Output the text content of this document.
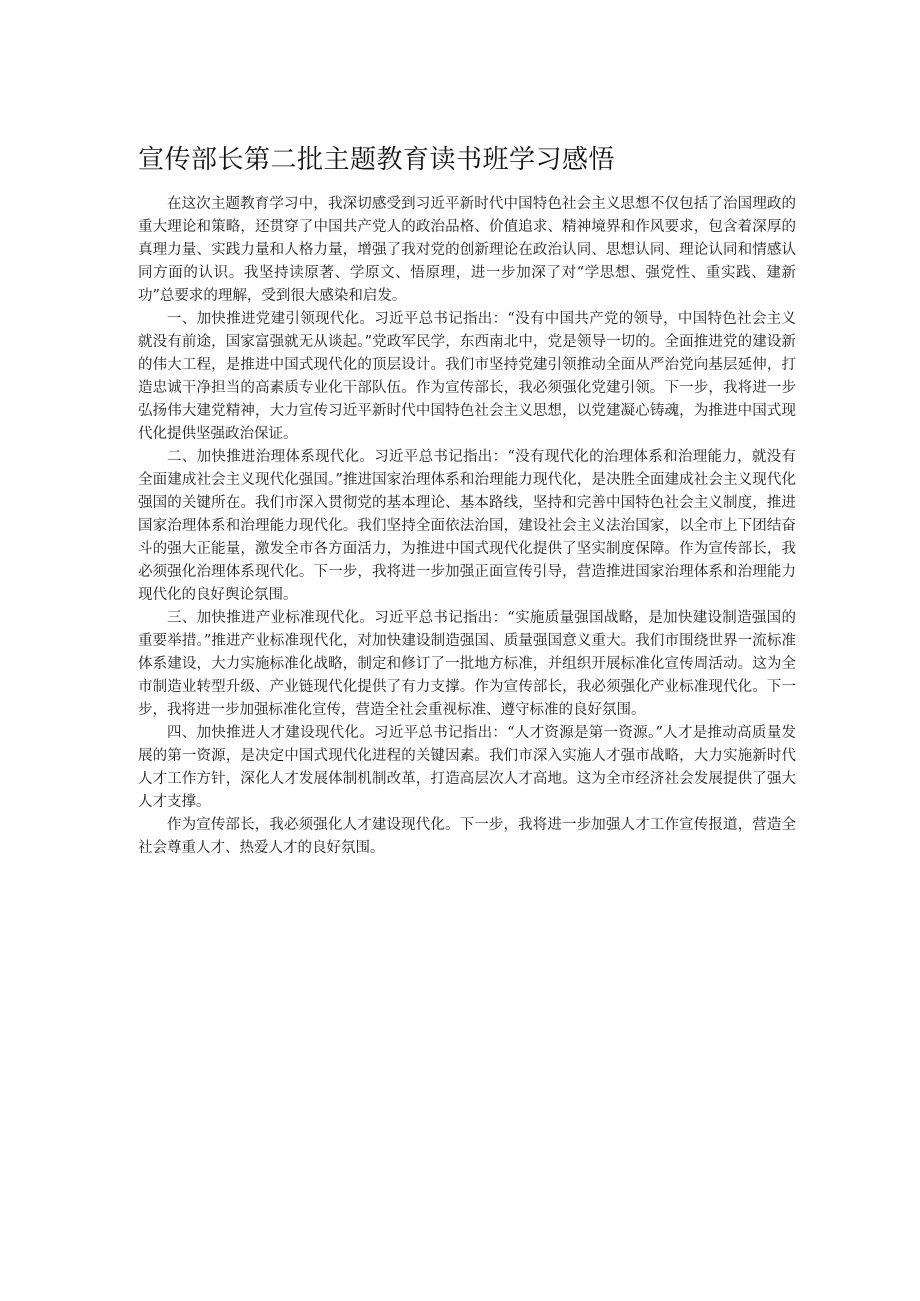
宣传部长第二批主题教育读书班学习感悟

在这次主题教育学习中，我深切感受到习近平新时代中国特色社会主义思想不仅包括了治国理政的重大理论和策略，还贯穿了中国共产党人的政治品格、价值追求、精神境界和作风要求，包含着深厚的真理力量、实践力量和人格力量，增强了我对党的创新理论在政治认同、思想认同、理论认同和情感认同方面的认识。我坚持读原著、学原文、悟原理，进一步加深了对“学思想、强党性、重实践、建新功”总要求的理解，受到很大感染和启发。

一、加快推进党建引领现代化。习近平总书记指出：“没有中国共产党的领导，中国特色社会主义就没有前途，国家富强就无从谈起。”党政军民学，东西南北中，党是领导一切的。全面推进党的建设新的伟大工程，是推进中国式现代化的顶层设计。我们市坚持党建引领推动全面从严治党向基层延伸，打造忠诚干净担当的高素质专业化干部队伍。作为宣传部长，我必须强化党建引领。下一步，我将进一步弘扬伟大建党精神，大力宣传习近平新时代中国特色社会主义思想，以党建凝心铸魂，为推进中国式现代化提供坚强政治保证。

二、加快推进治理体系现代化。习近平总书记指出：“没有现代化的治理体系和治理能力，就没有全面建成社会主义现代化强国。”推进国家治理体系和治理能力现代化，是决胜全面建成社会主义现代化强国的关键所在。我们市深入贯彻党的基本理论、基本路线，坚持和完善中国特色社会主义制度，推进国家治理体系和治理能力现代化。我们坚持全面依法治国，建设社会主义法治国家，以全市上下团结奋斗的强大正能量，激发全市各方面活力，为推进中国式现代化提供了坚实制度保障。作为宣传部长，我必须强化治理体系现代化。下一步，我将进一步加强正面宣传引导，营造推进国家治理体系和治理能力现代化的良好舆论氛围。

三、加快推进产业标准现代化。习近平总书记指出：“实施质量强国战略，是加快建设制造强国的重要举措。”推进产业标准现代化，对加快建设制造强国、质量强国意义重大。我们市围绕世界一流标准体系建设，大力实施标准化战略，制定和修订了一批地方标准，并组织开展标准化宣传周活动。这为全市制造业转型升级、产业链现代化提供了有力支撑。作为宣传部长，我必须强化产业标准现代化。下一步，我将进一步加强标准化宣传，营造全社会重视标准、遵守标准的良好氛围。

四、加快推进人才建设现代化。习近平总书记指出：“人才资源是第一资源。”人才是推动高质量发展的第一资源，是决定中国式现代化进程的关键因素。我们市深入实施人才强市战略，大力实施新时代人才工作方针，深化人才发展体制机制改革，打造高层次人才高地。这为全市经济社会发展提供了强大人才支撑。

作为宣传部长，我必须强化人才建设现代化。下一步，我将进一步加强人才工作宣传报道，营造全社会尊重人才、热爱人才的良好氛围。
